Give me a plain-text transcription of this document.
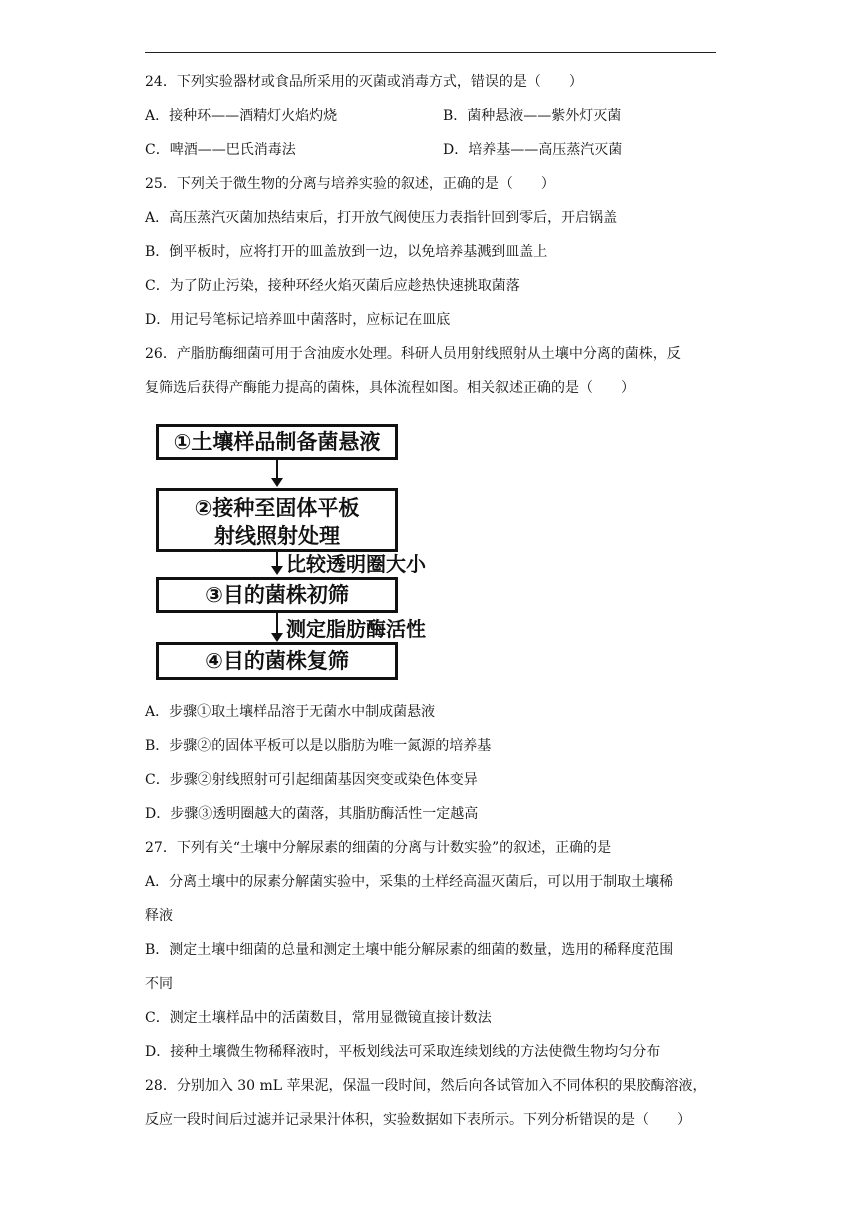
24．下列实验器材或食品所采用的灭菌或消毒方式，错误的是（　　）
A．接种环——酒精灯火焰灼烧	B．菌种悬液——紫外灯灭菌
C．啤酒——巴氏消毒法	D．培养基——高压蒸汽灭菌
25．下列关于微生物的分离与培养实验的叙述，正确的是（　　）
A．高压蒸汽灭菌加热结束后，打开放气阀使压力表指针回到零后，开启锅盖
B．倒平板时，应将打开的皿盖放到一边，以免培养基溅到皿盖上
C．为了防止污染，接种环经火焰灭菌后应趁热快速挑取菌落
D．用记号笔标记培养皿中菌落时，应标记在皿底
26．产脂肪酶细菌可用于含油废水处理。科研人员用射线照射从土壤中分离的菌株，反
复筛选后获得产酶能力提高的菌株，具体流程如图。相关叙述正确的是（　　）
①土壤样品制备菌悬液
②接种至固体平板
射线照射处理
比较透明圈大小
③目的菌株初筛
测定脂肪酶活性
④目的菌株复筛
A．步骤①取土壤样品溶于无菌水中制成菌悬液
B．步骤②的固体平板可以是以脂肪为唯一氮源的培养基
C．步骤②射线照射可引起细菌基因突变或染色体变异
D．步骤③透明圈越大的菌落，其脂肪酶活性一定越高
27．下列有关“土壤中分解尿素的细菌的分离与计数实验”的叙述，正确的是
A．分离土壤中的尿素分解菌实验中，采集的土样经高温灭菌后，可以用于制取土壤稀
释液
B．测定土壤中细菌的总量和测定土壤中能分解尿素的细菌的数量，选用的稀释度范围
不同
C．测定土壤样品中的活菌数目，常用显微镜直接计数法
D．接种土壤微生物稀释液时，平板划线法可采取连续划线的方法使微生物均匀分布
28．分别加入 30 mL 苹果泥，保温一段时间，然后向各试管加入不同体积的果胶酶溶液，
反应一段时间后过滤并记录果汁体积，实验数据如下表所示。下列分析错误的是（　　）
